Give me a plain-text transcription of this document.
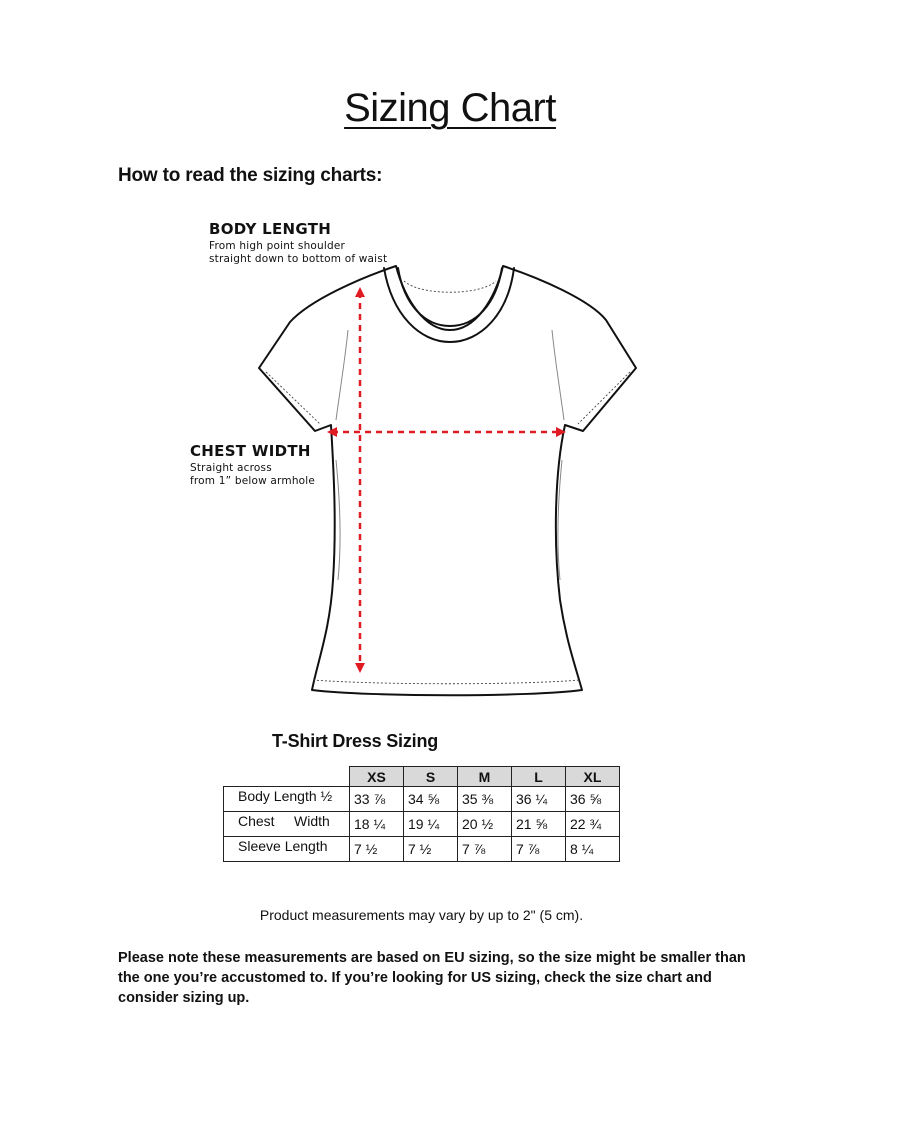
Sizing Chart
How to read the sizing charts:
BODY LENGTH
From high point shoulder
straight down to bottom of waist
CHEST WIDTH
Straight across
from 1” below armhole
T-Shirt Dress Sizing
	XS	S	M	L	XL
Body Length ½	33 ⅞	34 ⅝	35 ⅜	36 ¼	36 ⅝
Chest     Width	18 ¼	19 ¼	20 ½	21 ⅝	22 ¾
Sleeve Length	7 ½	7 ½	7 ⅞	7 ⅞	8 ¼
Product measurements may vary by up to 2" (5 cm).
Please note these measurements are based on EU sizing, so the size might be smaller than the one you’re accustomed to. If you’re looking for US sizing, check the size chart and consider sizing up.
